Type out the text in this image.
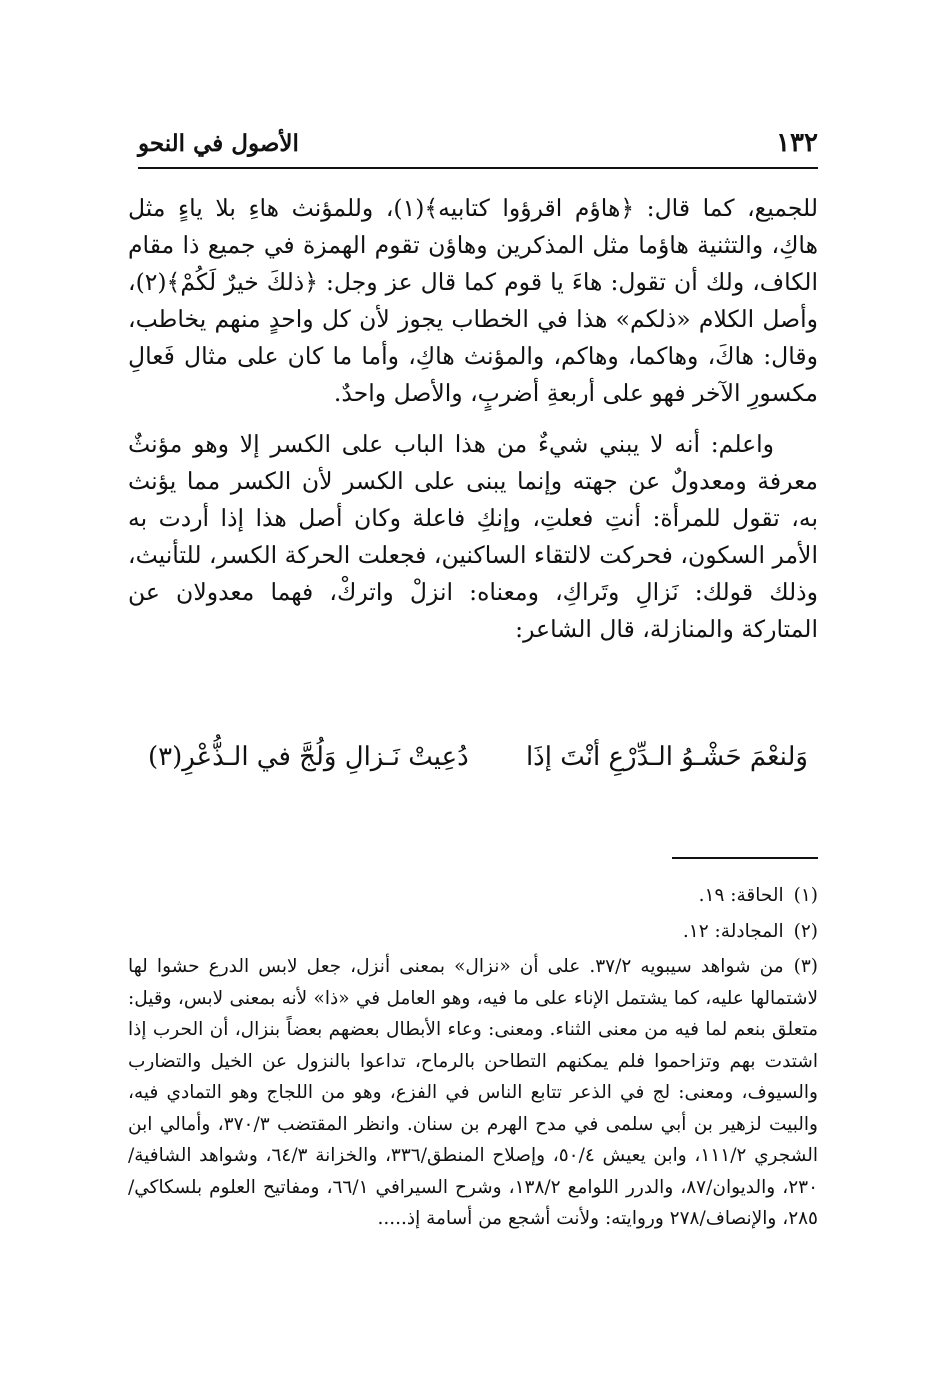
١٣٢
الأصول في النحو

للجميع، كما قال: ﴿هاؤم اقرؤوا كتابيه﴾(١)، وللمؤنث هاءِ بلا ياءٍ مثل هاكِ، والتثنية هاؤما مثل المذكرين وهاؤن تقوم الهمزة في جميع ذا مقام الكاف، ولك أن تقول: هاءَ يا قوم كما قال عز وجل: ﴿ذلكَ خيرٌ لَكُمْ﴾(٢)، وأصل الكلام «ذلكم» هذا في الخطاب يجوز لأن كل واحدٍ منهم يخاطب، وقال: هاكَ، وهاكما، وهاكم، والمؤنث هاكِ، وأما ما كان على مثال فَعالِ مكسورِ الآخر فهو على أربعةِ أضربٍ، والأصل واحدٌ.

واعلم: أنه لا يبني شيءٌ من هذا الباب على الكسر إلا وهو مؤنثٌ معرفة ومعدولٌ عن جهته وإنما يبنى على الكسر لأن الكسر مما يؤنث به، تقول للمرأة: أنتِ فعلتِ، وإنكِ فاعلة وكان أصل هذا إذا أردت به الأمر السكون، فحركت لالتقاء الساكنين، فجعلت الحركة الكسر، للتأنيث، وذلك قولك: نَزالِ وتَراكِ، ومعناه: انزلْ واتركْ، فهما معدولان عن المتاركة والمنازلة، قال الشاعر:

وَلنعْمَ حَشْـوُ الـدِّرْعِ أنْتَ إذَا
دُعِيتْ نَـزالِ وَلُجَّ في الـذُّعْرِ(٣)

(١)الحاقة: ١٩.

(٢)المجادلة: ١٢.

(٣)من شواهد سيبويه ٣٧/٢. على أن «نزال» بمعنى أنزل، جعل لابس الدرع حشوا لها لاشتمالها عليه، كما يشتمل الإناء على ما فيه، وهو العامل في «ذا» لأنه بمعنى لابس، وقيل: متعلق بنعم لما فيه من معنى الثناء. ومعنى: وعاء الأبطال بعضهم بعضاً بنزال، أن الحرب إذا اشتدت بهم وتزاحموا فلم يمكنهم التطاحن بالرماح، تداعوا بالنزول عن الخيل والتضارب والسيوف، ومعنى: لج في الذعر تتابع الناس في الفزع، وهو من اللجاج وهو التمادي فيه، والبيت لزهير بن أبي سلمى في مدح الهرم بن سنان. وانظر المقتضب ٣٧٠/٣، وأمالي ابن الشجري ١١١/٢، وابن يعيش ٥٠/٤، وإصلاح المنطق/٣٣٦، والخزانة ٦٤/٣، وشواهد الشافية/٢٣٠، والديوان/٨٧، والدرر اللوامع ١٣٨/٢، وشرح السيرافي ٦٦/١، ومفاتيح العلوم بلسكاكي/٢٨٥، والإنصاف/٢٧٨ وروايته: ولأنت أشجع من أسامة إذ.....
